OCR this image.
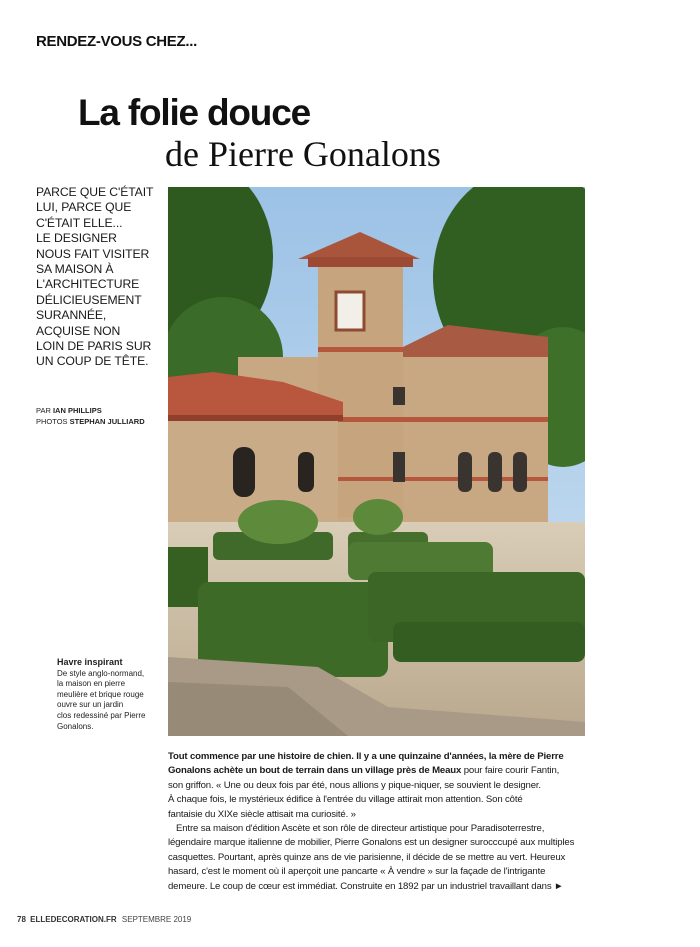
RENDEZ-VOUS CHEZ...
La folie douce
de Pierre Gonalons
PARCE QUE C'ÉTAIT
LUI, PARCE QUE
C'ÉTAIT ELLE...
LE DESIGNER
NOUS FAIT VISITER
SA MAISON À
L'ARCHITECTURE
DÉLICIEUSEMENT
SURANNÉE,
ACQUISE NON
LOIN DE PARIS SUR
UN COUP DE TÊTE.
PAR IAN PHILLIPS
PHOTOS STEPHAN JULLIARD
Havre inspirant
De style anglo-normand,
la maison en pierre
meulière et brique rouge
ouvre sur un jardin
clos redessiné par Pierre
Gonalons.
Tout commence par une histoire de chien. Il y a une quinzaine d'années, la mère de Pierre
Gonalons achète un bout de terrain dans un village près de Meaux pour faire courir Fantin,
son griffon. « Une ou deux fois par été, nous allions y pique-niquer, se souvient le designer.
À chaque fois, le mystérieux édifice à l'entrée du village attirait mon attention. Son côté
fantaisie du XIXe siècle attisait ma curiosité. »
Entre sa maison d'édition Ascète et son rôle de directeur artistique pour Paradisoterrestre,
légendaire marque italienne de mobilier, Pierre Gonalons est un designer surocccupé aux multiples
casquettes. Pourtant, après quinze ans de vie parisienne, il décide de se mettre au vert. Heureux
hasard, c'est le moment où il aperçoit une pancarte « À vendre » sur la façade de l'intrigante
demeure. Le coup de cœur est immédiat. Construite en 1892 par un industriel travaillant dans ►
78 ELLEDECORATION.FR SEPTEMBRE 2019
